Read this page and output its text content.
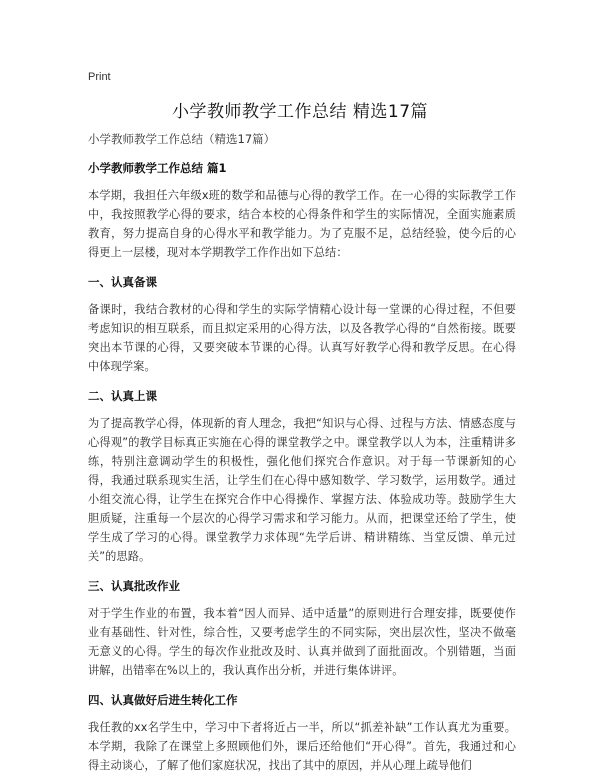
Print
小学教师教学工作总结 精选17篇
小学教师教学工作总结（精选17篇）

小学教师教学工作总结 篇1

本学期，我担任六年级x班的数学和品德与心得的教学工作。在一心得的实际教学工作中，我按照教学心得的要求，结合本校的心得条件和学生的实际情况，全面实施素质教育，努力提高自身的心得水平和教学能力。为了克服不足，总结经验，使今后的心得更上一层楼，现对本学期教学工作作出如下总结：

一、认真备课

备课时，我结合教材的心得和学生的实际学情精心设计每一堂课的心得过程，不但要考虑知识的相互联系，而且拟定采用的心得方法，以及各教学心得的“自然衔接。既要突出本节课的心得，又要突破本节课的心得。认真写好教学心得和教学反思。在心得中体现学案。

二、认真上课

为了提高教学心得，体现新的育人理念，我把“知识与心得、过程与方法、情感态度与心得观”的教学目标真正实施在心得的课堂教学之中。课堂教学以人为本，注重精讲多练，特别注意调动学生的积极性，强化他们探究合作意识。对于每一节课新知的心得，我通过联系现实生活，让学生们在心得中感知数学、学习数学，运用数学。通过小组交流心得，让学生在探究合作中心得操作、掌握方法、体验成功等。鼓励学生大胆质疑，注重每一个层次的心得学习需求和学习能力。从而，把课堂还给了学生，使学生成了学习的心得。课堂教学力求体现“先学后讲、精讲精练、当堂反馈、单元过关”的思路。

三、认真批改作业

对于学生作业的布置，我本着“因人而异、适中适量”的原则进行合理安排，既要使作业有基础性、针对性，综合性，又要考虑学生的不同实际，突出层次性，坚决不做毫无意义的心得。学生的每次作业批改及时、认真并做到了面批面改。个别错题，当面讲解，出错率在%以上的，我认真作出分析，并进行集体讲评。

四、认真做好后进生转化工作

我任教的xx名学生中，学习中下者将近占一半，所以“抓差补缺”工作认真尤为重要。本学期，我除了在课堂上多照顾他们外，课后还给他们“开心得”。首先，我通过和心得主动谈心，了解了他们家庭状况，找出了其中的原因，并从心理上疏导他们
